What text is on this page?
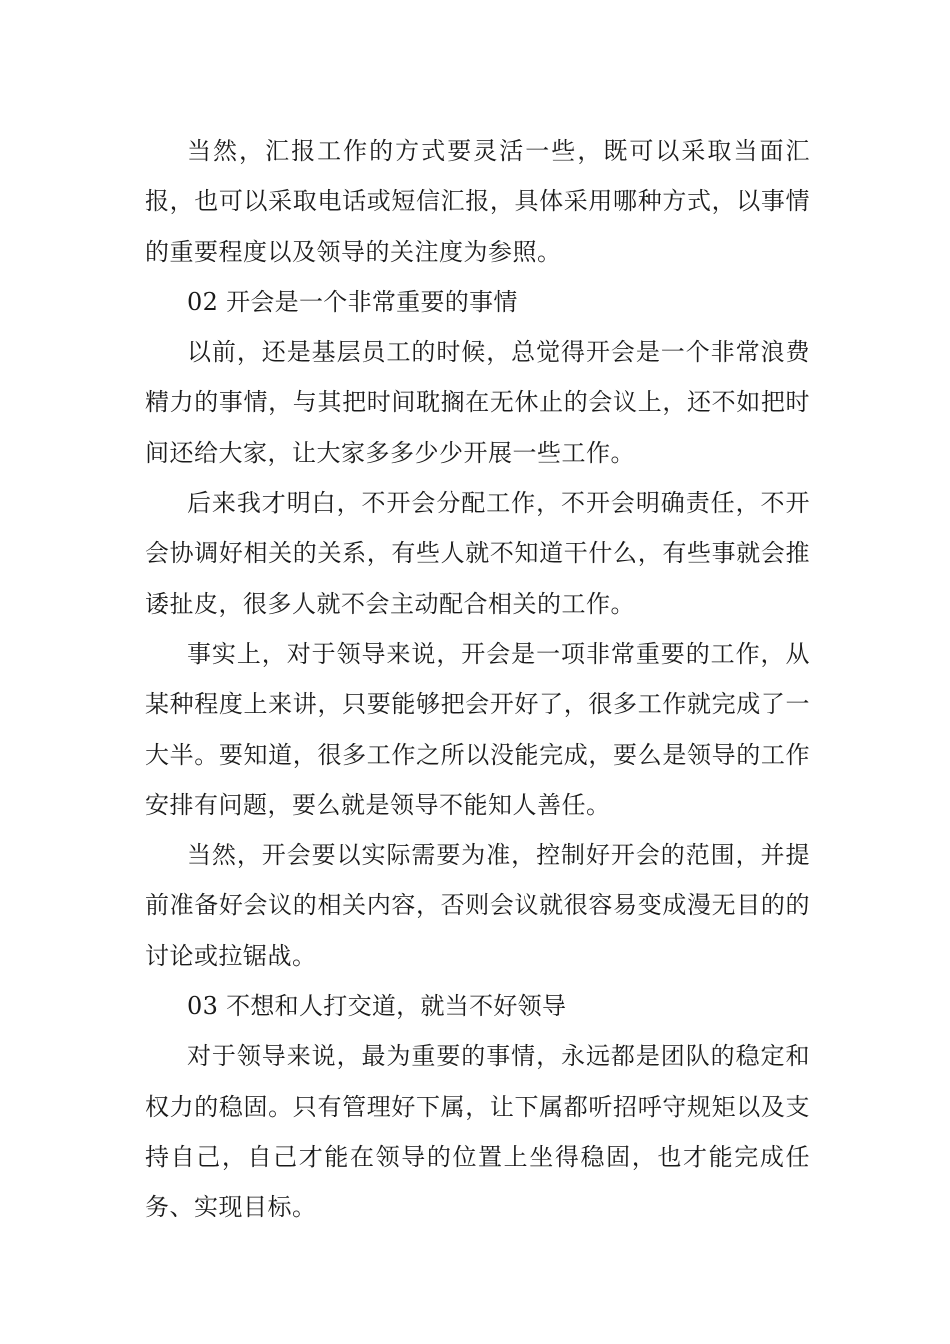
当然，汇报工作的方式要灵活一些，既可以采取当面汇报，也可以采取电话或短信汇报，具体采用哪种方式，以事情的重要程度以及领导的关注度为参照。

02 开会是一个非常重要的事情

以前，还是基层员工的时候，总觉得开会是一个非常浪费精力的事情，与其把时间耽搁在无休止的会议上，还不如把时间还给大家，让大家多多少少开展一些工作。

后来我才明白，不开会分配工作，不开会明确责任，不开会协调好相关的关系，有些人就不知道干什么，有些事就会推诿扯皮，很多人就不会主动配合相关的工作。

事实上，对于领导来说，开会是一项非常重要的工作，从某种程度上来讲，只要能够把会开好了，很多工作就完成了一大半。要知道，很多工作之所以没能完成，要么是领导的工作安排有问题，要么就是领导不能知人善任。

当然，开会要以实际需要为准，控制好开会的范围，并提前准备好会议的相关内容，否则会议就很容易变成漫无目的的讨论或拉锯战。

03 不想和人打交道，就当不好领导

对于领导来说，最为重要的事情，永远都是团队的稳定和权力的稳固。只有管理好下属，让下属都听招呼守规矩以及支持自己，自己才能在领导的位置上坐得稳固，也才能完成任务、实现目标。
